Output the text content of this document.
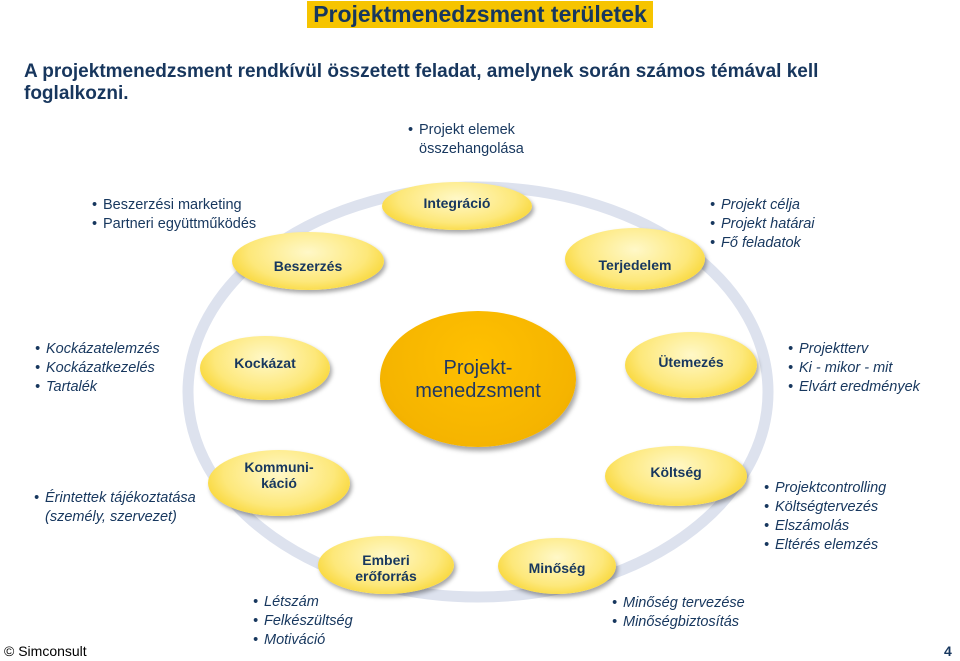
Projektmenedzsment területek
A projektmenedzsment rendkívül összetett feladat, amelynek során számos témával kell foglalkozni.
Integráció
Beszerzés	Terjedelem
Kockázat	Ütemezés
Kommuni-
káció
Költség
Emberi
erőforrás	Minőség
Projekt-
menedzsment
• Projekt elemek összehangolása
• Beszerzési marketing
• Partneri együttműködés
• Projekt célja
• Projekt határai
• Fő feladatok
• Kockázatelemzés
• Kockázatkezelés
• Tartalék
• Projektterv
• Ki - mikor - mit
• Elvárt eredmények
• Érintettek tájékoztatása (személy, szervezet)
• Projektcontrolling
• Költségtervezés
• Elszámolás
• Eltérés elemzés
• Létszám
• Felkészültség
• Motiváció
• Minőség tervezése
• Minőségbiztosítás
© Simconsult	4
